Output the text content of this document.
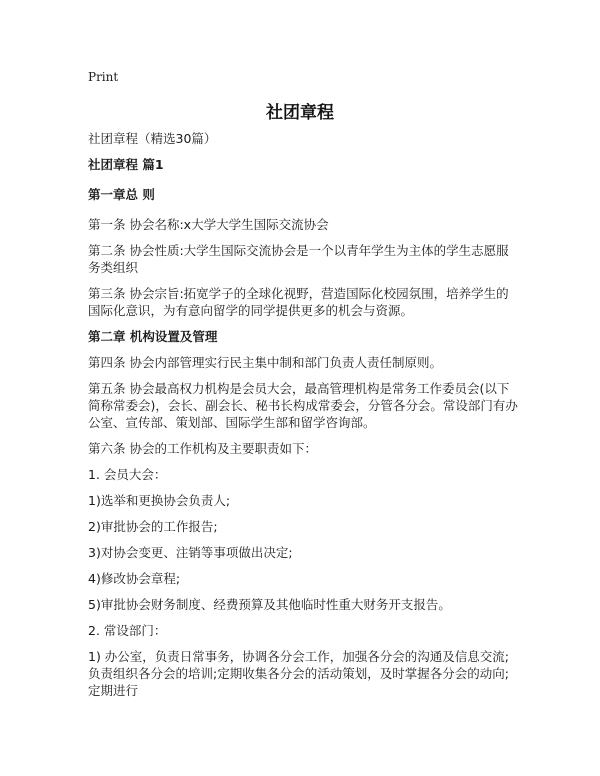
Print
社团章程

社团章程（精选30篇）

社团章程 篇1

第一章总 则

第一条 协会名称:x大学大学生国际交流协会

第二条 协会性质:大学生国际交流协会是一个以青年学生为主体的学生志愿服务类组织

第三条 协会宗旨:拓宽学子的全球化视野，营造国际化校园氛围，培养学生的国际化意识，为有意向留学的同学提供更多的机会与资源。

第二章 机构设置及管理

第四条 协会内部管理实行民主集中制和部门负责人责任制原则。

第五条 协会最高权力机构是会员大会，最高管理机构是常务工作委员会(以下简称常委会)，会长、副会长、秘书长构成常委会，分管各分会。常设部门有办公室、宣传部、策划部、国际学生部和留学咨询部。

第六条 协会的工作机构及主要职责如下：

1. 会员大会：

1)选举和更换协会负责人;

2)审批协会的工作报告;

3)对协会变更、注销等事项做出决定;

4)修改协会章程;

5)审批协会财务制度、经费预算及其他临时性重大财务开支报告。

2. 常设部门：

1) 办公室，负责日常事务，协调各分会工作，加强各分会的沟通及信息交流;负责组织各分会的培训;定期收集各分会的活动策划，及时掌握各分会的动向;定期进行
